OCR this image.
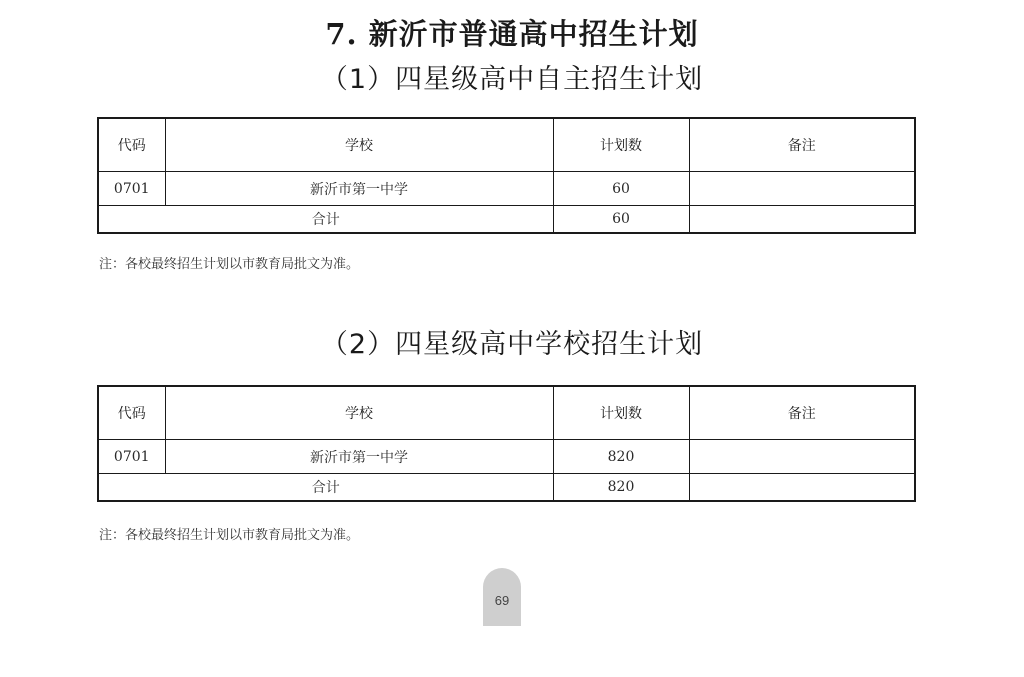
7. 新沂市普通高中招生计划
（1）四星级高中自主招生计划
代码	学校	计划数	备注
0701	新沂市第一中学	60	
合计		60	
注：各校最终招生计划以市教育局批文为准。
（2）四星级高中学校招生计划
代码	学校	计划数	备注
0701	新沂市第一中学	820	
合计		820	
注：各校最终招生计划以市教育局批文为准。
69
